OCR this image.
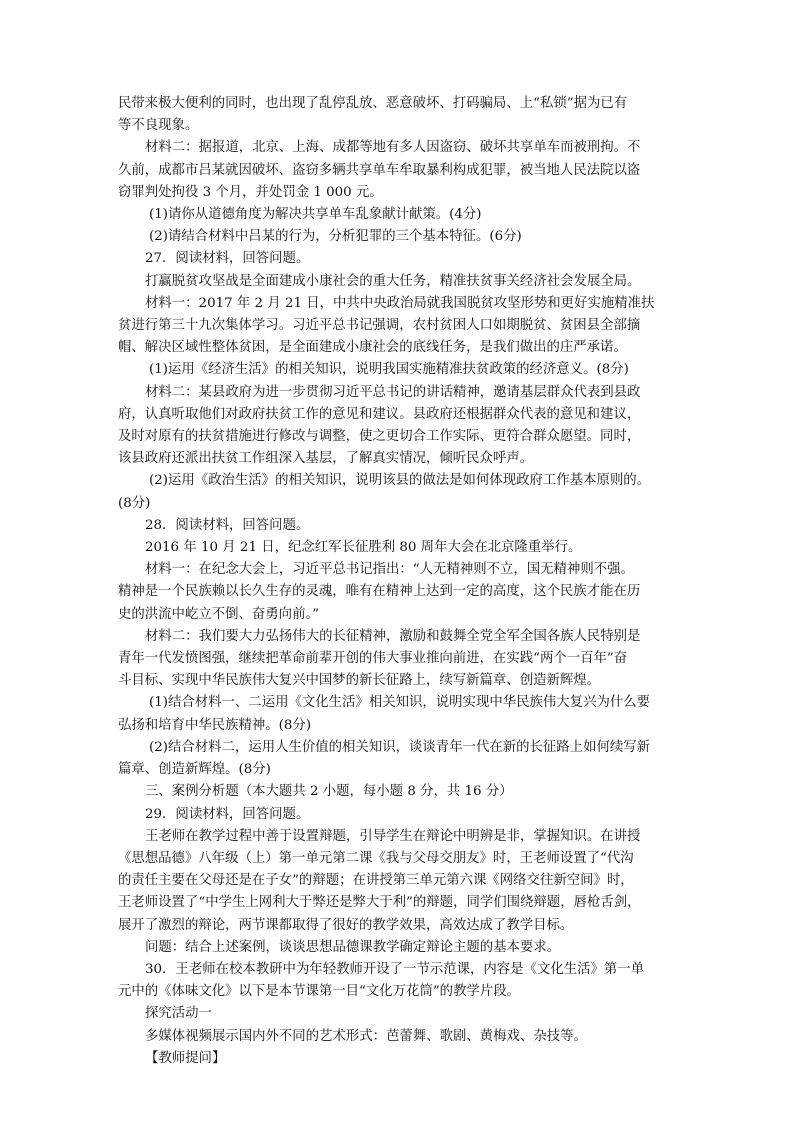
民带来极大便利的同时，也出现了乱停乱放、恶意破坏、打码骗局、上“私锁”据为已有

等不良现象。

材料二：据报道，北京、上海、成都等地有多人因盗窃、破坏共享单车而被刑拘。不

久前，成都市吕某就因破坏、盗窃多辆共享单车牟取暴利构成犯罪，被当地人民法院以盗

窃罪判处拘役 3 个月，并处罚金 1 000 元。

(1)请你从道德角度为解决共享单车乱象献计献策。(4分)

(2)请结合材料中吕某的行为，分析犯罪的三个基本特征。(6分)

27．阅读材料，回答问题。

打赢脱贫攻坚战是全面建成小康社会的重大任务，精准扶贫事关经济社会发展全局。

材料一：2017 年 2 月 21 日，中共中央政治局就我国脱贫攻坚形势和更好实施精准扶

贫进行第三十九次集体学习。习近平总书记强调，农村贫困人口如期脱贫、贫困县全部摘

帽、解决区域性整体贫困，是全面建成小康社会的底线任务，是我们做出的庄严承诺。

(1)运用《经济生活》的相关知识，说明我国实施精准扶贫政策的经济意义。(8分)

材料二：某县政府为进一步贯彻习近平总书记的讲话精神，邀请基层群众代表到县政

府，认真听取他们对政府扶贫工作的意见和建议。县政府还根据群众代表的意见和建议，

及时对原有的扶贫措施进行修改与调整，使之更切合工作实际、更符合群众愿望。同时，

该县政府还派出扶贫工作组深入基层，了解真实情况，倾听民众呼声。

(2)运用《政治生活》的相关知识，说明该县的做法是如何体现政府工作基本原则的。

(8分)

28．阅读材料，回答问题。

2016 年 10 月 21 日，纪念红军长征胜利 80 周年大会在北京隆重举行。

材料一：在纪念大会上，习近平总书记指出：“人无精神则不立，国无精神则不强。

精神是一个民族赖以长久生存的灵魂，唯有在精神上达到一定的高度，这个民族才能在历

史的洪流中屹立不倒、奋勇向前。”

材料二：我们要大力弘扬伟大的长征精神，激励和鼓舞全党全军全国各族人民特别是

青年一代发愤图强，继续把革命前辈开创的伟大事业推向前进，在实践“两个一百年”奋

斗目标、实现中华民族伟大复兴中国梦的新长征路上，续写新篇章、创造新辉煌。

(1)结合材料一、二运用《文化生活》相关知识，说明实现中华民族伟大复兴为什么要

弘扬和培育中华民族精神。(8分)

(2)结合材料二，运用人生价值的相关知识，谈谈青年一代在新的长征路上如何续写新

篇章、创造新辉煌。(8分)

三、案例分析题（本大题共 2 小题，每小题 8 分，共 16 分）

29．阅读材料，回答问题。

王老师在教学过程中善于设置辩题，引导学生在辩论中明辨是非，掌握知识。在讲授

《思想品德》八年级（上）第一单元第二课《我与父母交朋友》时，王老师设置了“代沟

的责任主要在父母还是在子女”的辩题；在讲授第三单元第六课《网络交往新空间》时，

王老师设置了“中学生上网利大于弊还是弊大于利”的辩题，同学们围绕辩题，唇枪舌剑，

展开了激烈的辩论，两节课都取得了很好的教学效果，高效达成了教学目标。

问题：结合上述案例，谈谈思想品德课教学确定辩论主题的基本要求。

30．王老师在校本教研中为年轻教师开设了一节示范课，内容是《文化生活》第一单

元中的《体味文化》以下是本节课第一目“文化万花筒”的教学片段。

探究活动一

多媒体视频展示国内外不同的艺术形式：芭蕾舞、歌剧、黄梅戏、杂技等。

【教师提问】
